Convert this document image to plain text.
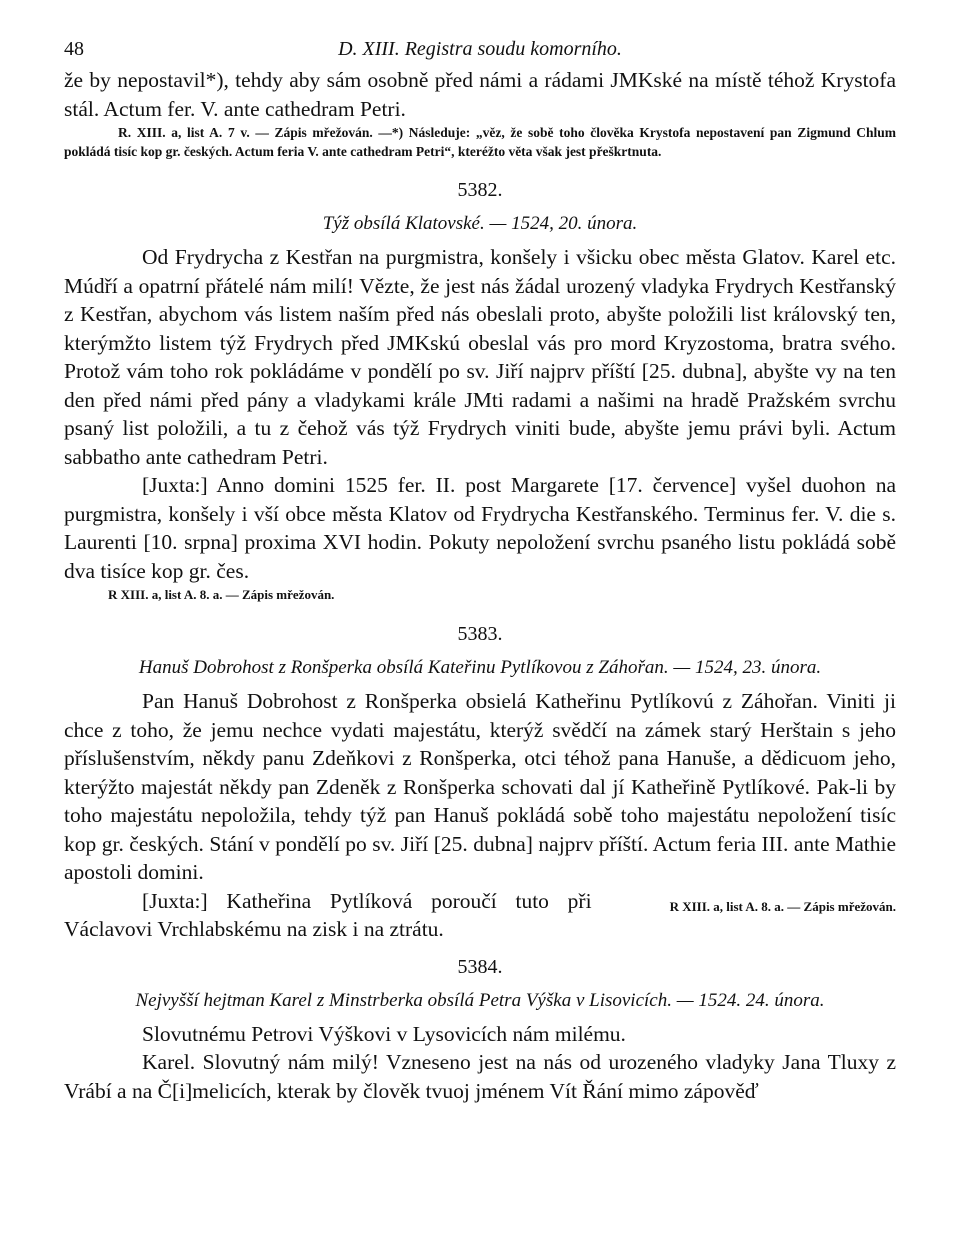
48	D. XIII. Registra soudu komorního.

že by nepostavil*), tehdy aby sám osobně před námi a rádami JMKské na místě téhož Krystofa stál. Actum fer. V. ante cathedram Petri.

R. XIII. a, list A. 7 v. — Zápis mřežován. —*) Následuje: „věz, že sobě toho člověka Krystofa nepostavení pan Zigmund Chlum pokládá tisíc kop gr. českých. Actum feria V. ante cathedram Petri“, kteréžto věta však jest přeškrtnuta.

5382.
Týž obsílá Klatovské. — 1524, 20. února.

Od Frydrycha z Kestřan na purgmistra, konšely i všicku obec města Glatov. Karel etc. Múdří a opatrní přátelé nám milí! Vězte, že jest nás žádal urozený vladyka Frydrych Kestřanský z Kestřan, abychom vás listem naším před nás obeslali proto, abyšte položili list královský ten, kterýmžto listem týž Frydrych před JMKskú obeslal vás pro mord Kryzostoma, bratra svého. Protož vám toho rok pokládáme v pondělí po sv. Jiří najprv příští [25. dubna], abyšte vy na ten den před námi před pány a vladykami krále JMti radami a našimi na hradě Pražském svrchu psaný list položili, a tu z čehož vás týž Frydrych viniti bude, abyšte jemu právi byli. Actum sabbatho ante cathedram Petri.

[Juxta:] Anno domini 1525 fer. II. post Margarete [17. července] vyšel duohon na purgmistra, konšely i vší obce města Klatov od Frydrycha Kestřanského. Terminus fer. V. die s. Laurenti [10. srpna] proxima XVI hodin. Pokuty nepoložení svrchu psaného listu pokládá sobě dva tisíce kop gr. čes.

R XIII. a, list A. 8. a. — Zápis mřežován.
5383.
Hanuš Dobrohost z Ronšperka obsílá Kateřinu Pytlíkovou z Záhořan. — 1524, 23. února.

Pan Hanuš Dobrohost z Ronšperka obsielá Katheřinu Pytlíkovú z Záhořan. Viniti ji chce z toho, že jemu nechce vydati majestátu, kterýž svědčí na zámek starý Herštain s jeho příslušenstvím, někdy panu Zdeňkovi z Ronšperka, otci téhož pana Hanuše, a dědicuom jeho, kterýžto majestát někdy pan Zdeněk z Ronšperka schovati dal jí Katheřině Pytlíkové. Pak-li by toho majestátu nepoložila, tehdy týž pan Hanuš pokládá sobě toho majestátu nepoložení tisíc kop gr. českých. Stání v pondělí po sv. Jiří [25. dubna] najprv příští. Actum feria III. ante Mathie apostoli domini.

R XIII. a, list A. 8. a. — Zápis mřežován.
[Juxta:] Katheřina Pytlíková poroučí tuto při Václavovi Vrchlabskému na zisk i na ztrátu.

5384.
Nejvyšší hejtman Karel z Minstrberka obsílá Petra Výška v Lisovicích. — 1524. 24. února.

Slovutnému Petrovi Výškovi v Lysovicích nám milému.

Karel. Slovutný nám milý! Vzneseno jest na nás od urozeného vladyky Jana Tluxy z Vrábí a na Č[i]melicích, kterak by člověk tvuoj jménem Vít Řání mimo zápověď
